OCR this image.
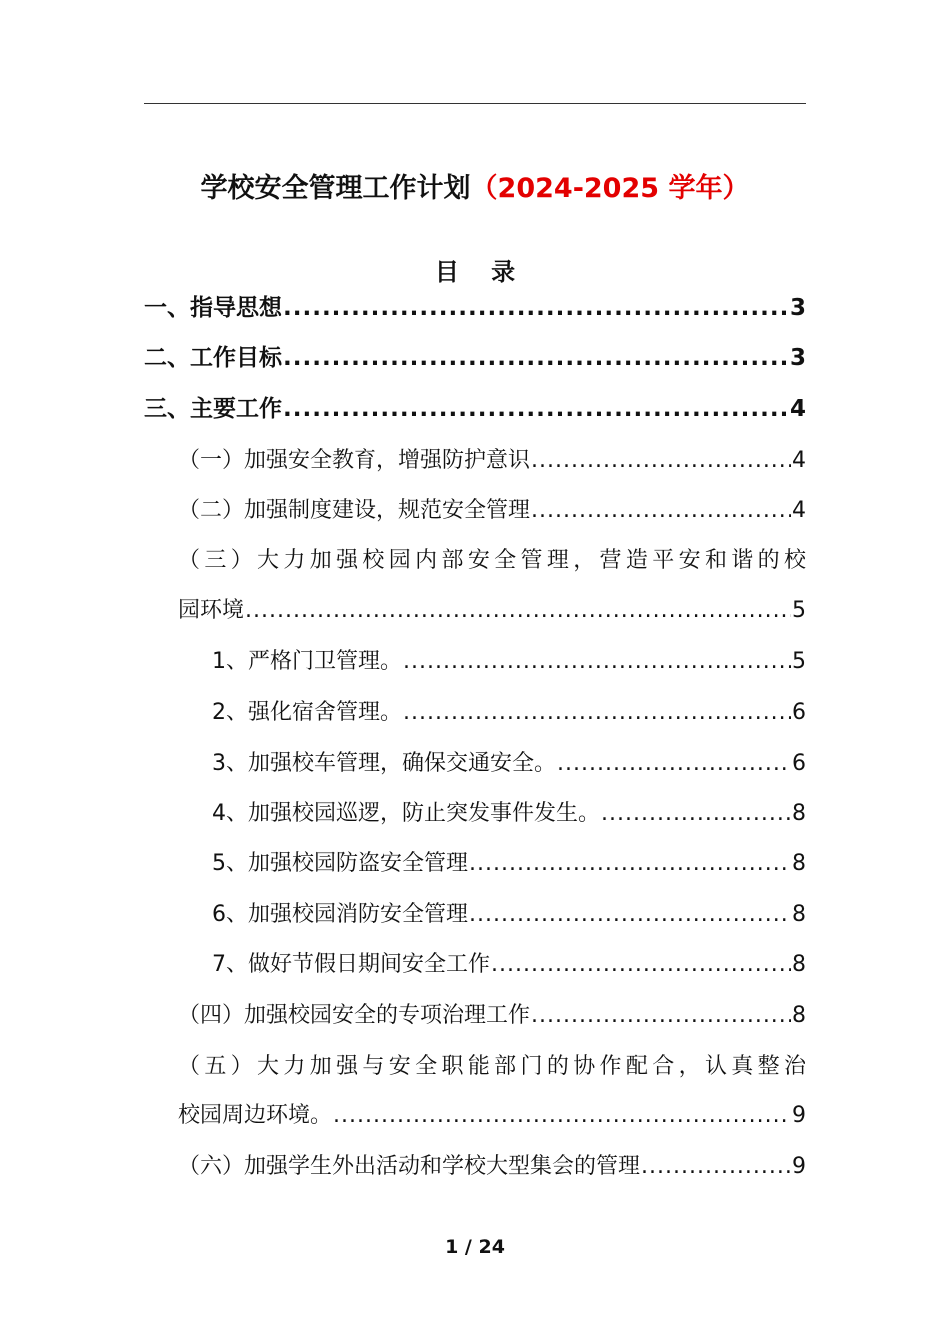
学校安全管理工作计划（2024-2025 学年）
目 录
一、指导思想 .....	3
二、工作目标 .....	3
三、主要工作 .....	4
（一）加强安全教育，增强防护意识 .....	4
（二）加强制度建设，规范安全管理 .....	4
（三）大力加强校园内部安全管理，营造平安和谐的校
园环境 .....	5
1、严格门卫管理。 .....	5
2、强化宿舍管理。 .....	6
3、加强校车管理，确保交通安全。 .....	6
4、加强校园巡逻，防止突发事件发生。 .....	8
5、加强校园防盗安全管理 .....	8
6、加强校园消防安全管理 .....	8
7、做好节假日期间安全工作 .....	8
（四）加强校园安全的专项治理工作 .....	8
（五）大力加强与安全职能部门的协作配合，认真整治
校园周边环境。 .....	9
（六）加强学生外出活动和学校大型集会的管理 .....	9
1 / 24
